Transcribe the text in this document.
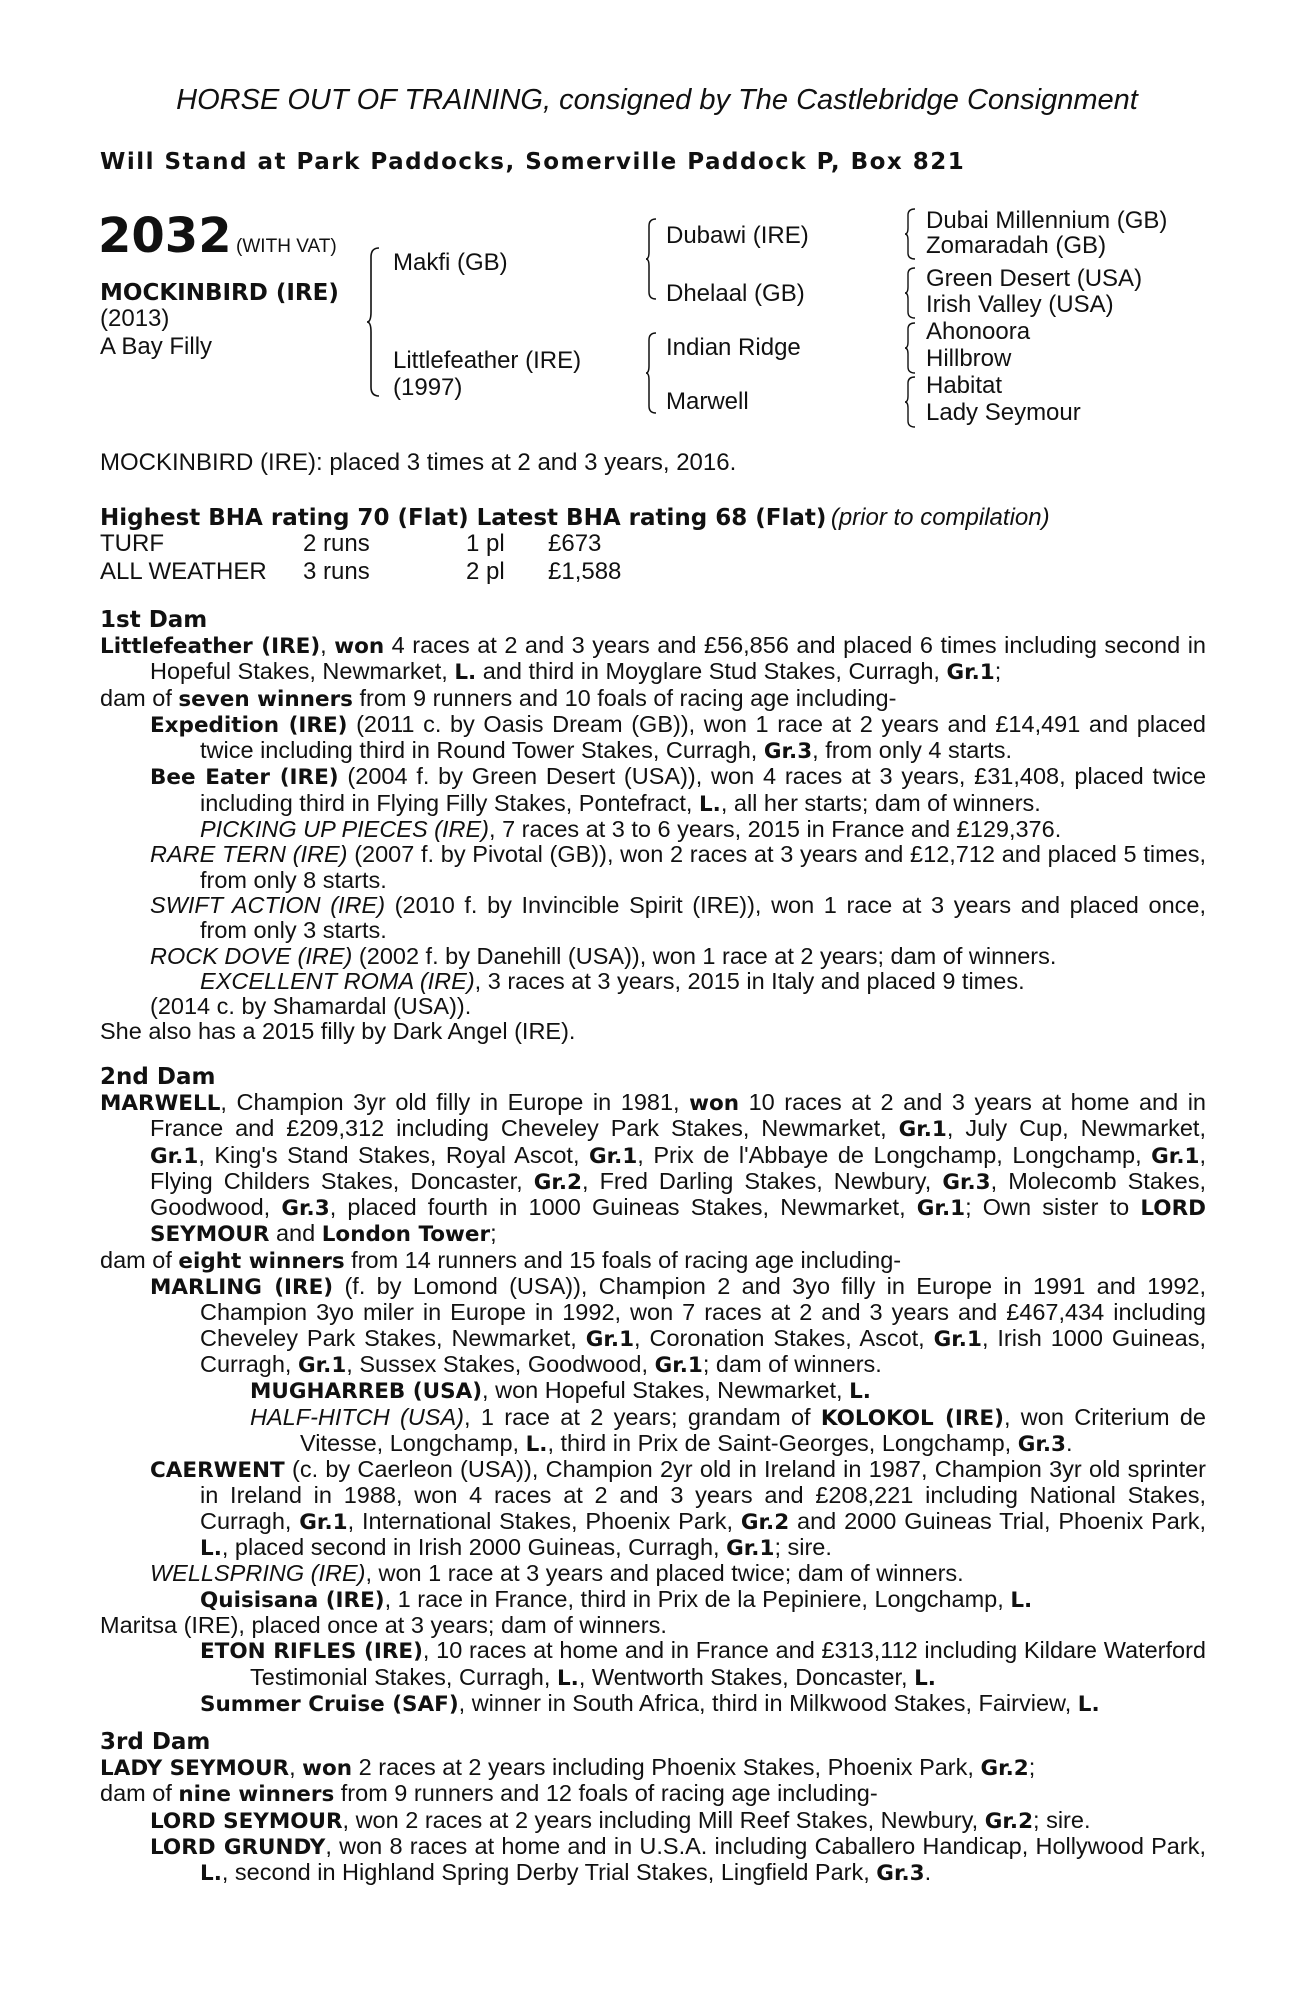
HORSE OUT OF TRAINING, consigned by The Castlebridge Consignment
Will Stand at Park Paddocks, Somerville Paddock P, Box 821
2032 (WITH VAT)
MOCKINBIRD (IRE)
(2013)
A Bay Filly
Makfi (GB)
Littlefeather (IRE)
(1997)
Dubawi (IRE)
Dhelaal (GB)
Indian Ridge
Marwell
Dubai Millennium (GB)
Zomaradah (GB)
Green Desert (USA)
Irish Valley (USA)
Ahonoora
Hillbrow
Habitat
Lady Seymour
MOCKINBIRD (IRE): placed 3 times at 2 and 3 years, 2016.
Highest BHA rating 70 (Flat) Latest BHA rating 68 (Flat) (prior to compilation)
TURF	2 runs	1 pl	£673
ALL WEATHER	3 runs	2 pl	£1,588
1st Dam

Littlefeather (IRE), won 4 races at 2 and 3 years and £56,856 and placed 6 times including second in Hopeful Stakes, Newmarket, L. and third in Moyglare Stud Stakes, Curragh, Gr.1;

dam of seven winners from 9 runners and 10 foals of racing age including-

Expedition (IRE) (2011 c. by Oasis Dream (GB)), won 1 race at 2 years and £14,491 and placed twice including third in Round Tower Stakes, Curragh, Gr.3, from only 4 starts.

Bee Eater (IRE) (2004 f. by Green Desert (USA)), won 4 races at 3 years, £31,408, placed twice including third in Flying Filly Stakes, Pontefract, L., all her starts; dam of winners.

PICKING UP PIECES (IRE), 7 races at 3 to 6 years, 2015 in France and £129,376.

RARE TERN (IRE) (2007 f. by Pivotal (GB)), won 2 races at 3 years and £12,712 and placed 5 times, from only 8 starts.

SWIFT ACTION (IRE) (2010 f. by Invincible Spirit (IRE)), won 1 race at 3 years and placed once, from only 3 starts.

ROCK DOVE (IRE) (2002 f. by Danehill (USA)), won 1 race at 2 years; dam of winners.

EXCELLENT ROMA (IRE), 3 races at 3 years, 2015 in Italy and placed 9 times.

(2014 c. by Shamardal (USA)).

She also has a 2015 filly by Dark Angel (IRE).

2nd Dam

MARWELL, Champion 3yr old filly in Europe in 1981, won 10 races at 2 and 3 years at home and in France and £209,312 including Cheveley Park Stakes, Newmarket, Gr.1, July Cup, Newmarket, Gr.1, King's Stand Stakes, Royal Ascot, Gr.1, Prix de l'Abbaye de Longchamp, Longchamp, Gr.1, Flying Childers Stakes, Doncaster, Gr.2, Fred Darling Stakes, Newbury, Gr.3, Molecomb Stakes, Goodwood, Gr.3, placed fourth in 1000 Guineas Stakes, Newmarket, Gr.1; Own sister to LORD SEYMOUR and London Tower;

dam of eight winners from 14 runners and 15 foals of racing age including-

MARLING (IRE) (f. by Lomond (USA)), Champion 2 and 3yo filly in Europe in 1991 and 1992, Champion 3yo miler in Europe in 1992, won 7 races at 2 and 3 years and £467,434 including Cheveley Park Stakes, Newmarket, Gr.1, Coronation Stakes, Ascot, Gr.1, Irish 1000 Guineas, Curragh, Gr.1, Sussex Stakes, Goodwood, Gr.1; dam of winners.

MUGHARREB (USA), won Hopeful Stakes, Newmarket, L.

HALF-HITCH (USA), 1 race at 2 years; grandam of KOLOKOL (IRE), won Criterium de Vitesse, Longchamp, L., third in Prix de Saint-Georges, Longchamp, Gr.3.

CAERWENT (c. by Caerleon (USA)), Champion 2yr old in Ireland in 1987, Champion 3yr old sprinter in Ireland in 1988, won 4 races at 2 and 3 years and £208,221 including National Stakes, Curragh, Gr.1, International Stakes, Phoenix Park, Gr.2 and 2000 Guineas Trial, Phoenix Park, L., placed second in Irish 2000 Guineas, Curragh, Gr.1; sire.

WELLSPRING (IRE), won 1 race at 3 years and placed twice; dam of winners.

Quisisana (IRE), 1 race in France, third in Prix de la Pepiniere, Longchamp, L.

Maritsa (IRE), placed once at 3 years; dam of winners.

ETON RIFLES (IRE), 10 races at home and in France and £313,112 including Kildare Waterford Testimonial Stakes, Curragh, L., Wentworth Stakes, Doncaster, L.

Summer Cruise (SAF), winner in South Africa, third in Milkwood Stakes, Fairview, L.

3rd Dam

LADY SEYMOUR, won 2 races at 2 years including Phoenix Stakes, Phoenix Park, Gr.2;

dam of nine winners from 9 runners and 12 foals of racing age including-

LORD SEYMOUR, won 2 races at 2 years including Mill Reef Stakes, Newbury, Gr.2; sire.

LORD GRUNDY, won 8 races at home and in U.S.A. including Caballero Handicap, Hollywood Park, L., second in Highland Spring Derby Trial Stakes, Lingfield Park, Gr.3.
